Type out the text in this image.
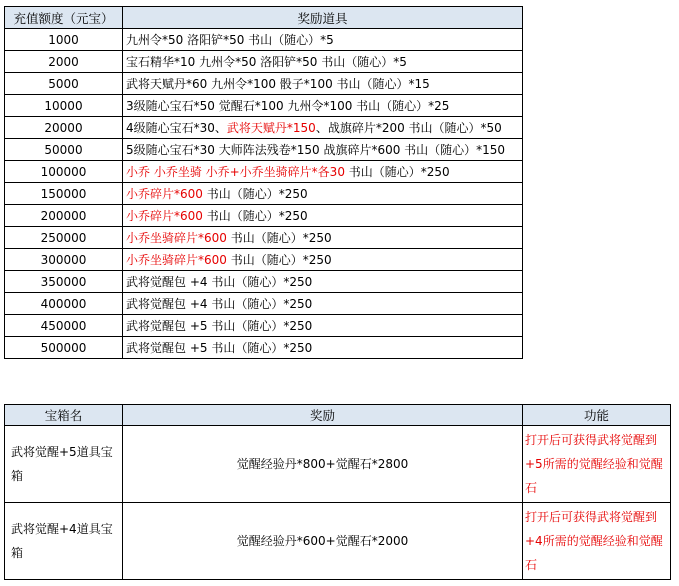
充值额度（元宝）	奖励道具
1000	九州令*50 洛阳铲*50 书山（随心）*5
2000	宝石精华*10 九州令*50 洛阳铲*50 书山（随心）*5
5000	武将天赋丹*60 九州令*100 骰子*100 书山（随心）*15
10000	3级随心宝石*50 觉醒石*100 九州令*100 书山（随心）*25
20000	4级随心宝石*30、武将天赋丹*150、战旗碎片*200 书山（随心）*50
50000	5级随心宝石*30 大师阵法残卷*150 战旗碎片*600 书山（随心）*150
100000	小乔 小乔坐骑 小乔+小乔坐骑碎片*各30 书山（随心）*250
150000	小乔碎片*600 书山（随心）*250
200000	小乔碎片*600 书山（随心）*250
250000	小乔坐骑碎片*600 书山（随心）*250
300000	小乔坐骑碎片*600 书山（随心）*250
350000	武将觉醒包 +4 书山（随心）*250
400000	武将觉醒包 +4 书山（随心）*250
450000	武将觉醒包 +5 书山（随心）*250
500000	武将觉醒包 +5 书山（随心）*250
宝箱名	奖励	功能
武将觉醒+5道具宝箱	觉醒经验丹*800+觉醒石*2800	打开后可获得武将觉醒到+5所需的觉醒经验和觉醒石
武将觉醒+4道具宝箱	觉醒经验丹*600+觉醒石*2000	打开后可获得武将觉醒到+4所需的觉醒经验和觉醒石
